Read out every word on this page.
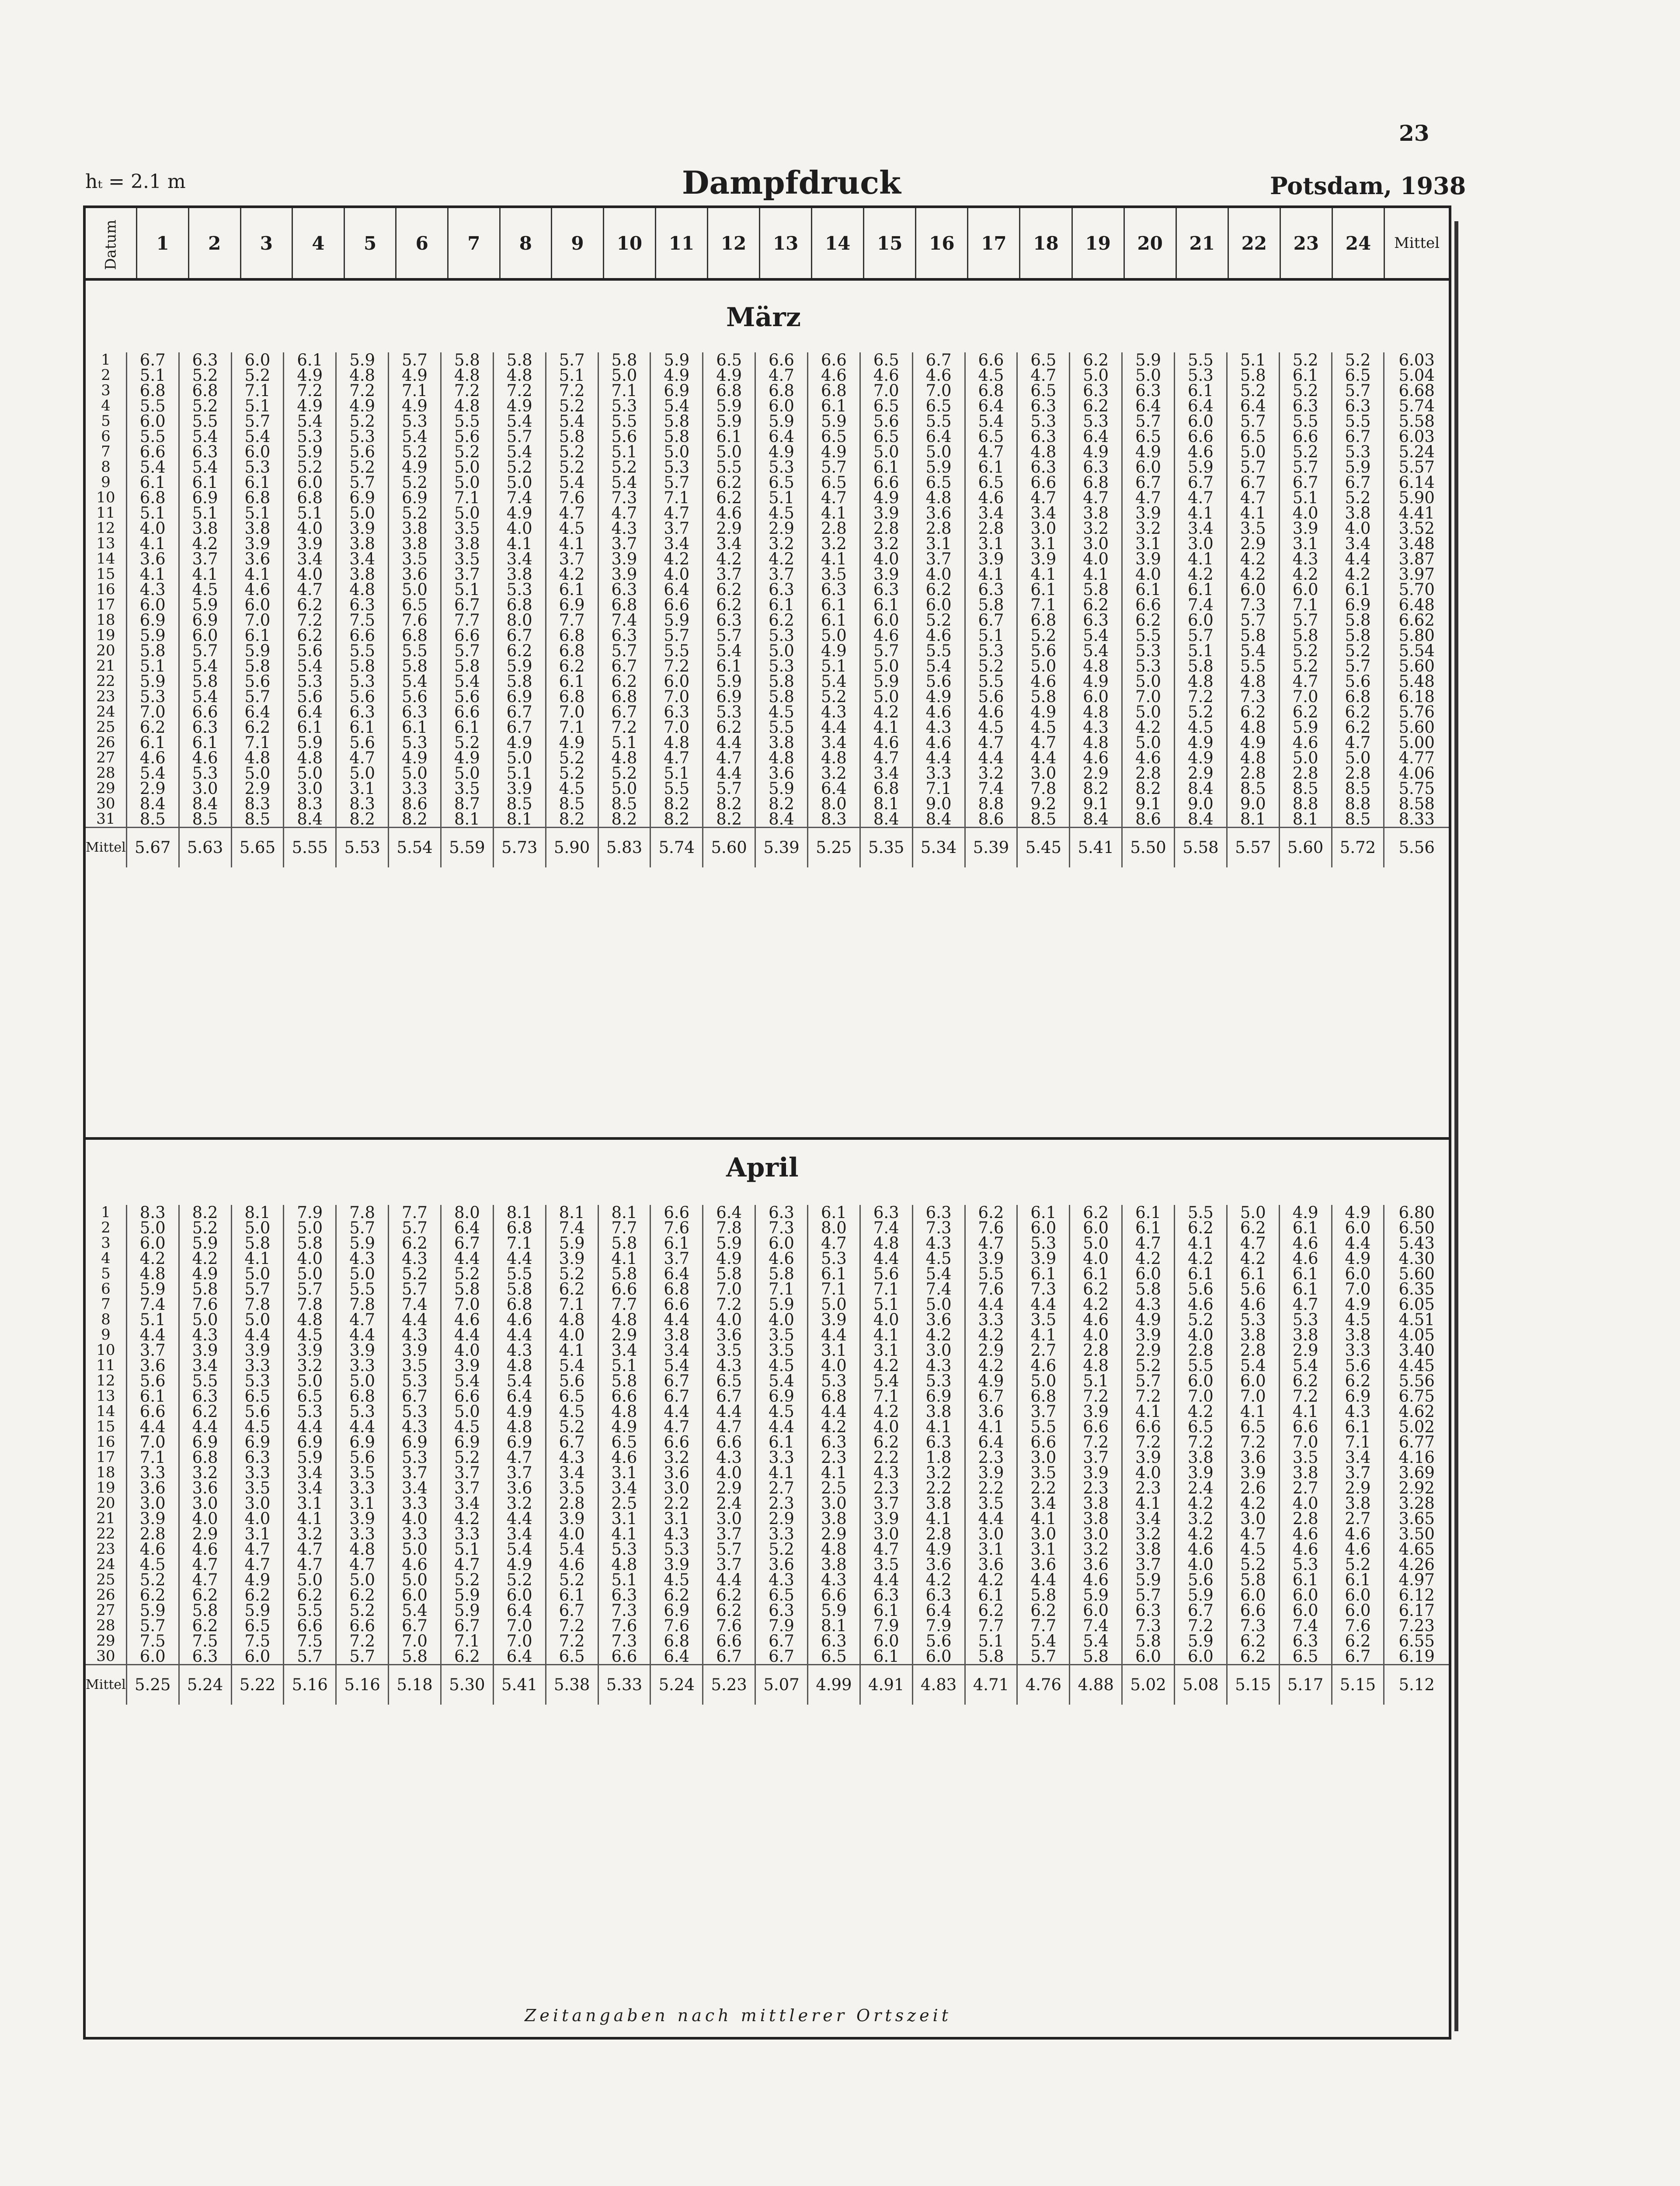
23
hₜ = 2.1 m	Dampfdruck	Potsdam, 1938
Datum	1	2	3	4	5	6	7	8	9	10	11	12	13	14	15	16	17	18	19	20	21	22	23	24	Mittel
März
1	6.7	6.3	6.0	6.1	5.9	5.7	5.8	5.8	5.7	5.8	5.9	6.5	6.6	6.6	6.5	6.7	6.6	6.5	6.2	5.9	5.5	5.1	5.2	5.2	6.03
2	5.1	5.2	5.2	4.9	4.8	4.9	4.8	4.8	5.1	5.0	4.9	4.9	4.7	4.6	4.6	4.6	4.5	4.7	5.0	5.0	5.3	5.8	6.1	6.5	5.04
3	6.8	6.8	7.1	7.2	7.2	7.1	7.2	7.2	7.2	7.1	6.9	6.8	6.8	6.8	7.0	7.0	6.8	6.5	6.3	6.3	6.1	5.2	5.2	5.7	6.68
4	5.5	5.2	5.1	4.9	4.9	4.9	4.8	4.9	5.2	5.3	5.4	5.9	6.0	6.1	6.5	6.5	6.4	6.3	6.2	6.4	6.4	6.4	6.3	6.3	5.74
5	6.0	5.5	5.7	5.4	5.2	5.3	5.5	5.4	5.4	5.5	5.8	5.9	5.9	5.9	5.6	5.5	5.4	5.3	5.3	5.7	6.0	5.7	5.5	5.5	5.58
6	5.5	5.4	5.4	5.3	5.3	5.4	5.6	5.7	5.8	5.6	5.8	6.1	6.4	6.5	6.5	6.4	6.5	6.3	6.4	6.5	6.6	6.5	6.6	6.7	6.03
7	6.6	6.3	6.0	5.9	5.6	5.2	5.2	5.4	5.2	5.1	5.0	5.0	4.9	4.9	5.0	5.0	4.7	4.8	4.9	4.9	4.6	5.0	5.2	5.3	5.24
8	5.4	5.4	5.3	5.2	5.2	4.9	5.0	5.2	5.2	5.2	5.3	5.5	5.3	5.7	6.1	5.9	6.1	6.3	6.3	6.0	5.9	5.7	5.7	5.9	5.57
9	6.1	6.1	6.1	6.0	5.7	5.2	5.0	5.0	5.4	5.4	5.7	6.2	6.5	6.5	6.6	6.5	6.5	6.6	6.8	6.7	6.7	6.7	6.7	6.7	6.14
10	6.8	6.9	6.8	6.8	6.9	6.9	7.1	7.4	7.6	7.3	7.1	6.2	5.1	4.7	4.9	4.8	4.6	4.7	4.7	4.7	4.7	4.7	5.1	5.2	5.90
11	5.1	5.1	5.1	5.1	5.0	5.2	5.0	4.9	4.7	4.7	4.7	4.6	4.5	4.1	3.9	3.6	3.4	3.4	3.8	3.9	4.1	4.1	4.0	3.8	4.41
12	4.0	3.8	3.8	4.0	3.9	3.8	3.5	4.0	4.5	4.3	3.7	2.9	2.9	2.8	2.8	2.8	2.8	3.0	3.2	3.2	3.4	3.5	3.9	4.0	3.52
13	4.1	4.2	3.9	3.9	3.8	3.8	3.8	4.1	4.1	3.7	3.4	3.4	3.2	3.2	3.2	3.1	3.1	3.1	3.0	3.1	3.0	2.9	3.1	3.4	3.48
14	3.6	3.7	3.6	3.4	3.4	3.5	3.5	3.4	3.7	3.9	4.2	4.2	4.2	4.1	4.0	3.7	3.9	3.9	4.0	3.9	4.1	4.2	4.3	4.4	3.87
15	4.1	4.1	4.1	4.0	3.8	3.6	3.7	3.8	4.2	3.9	4.0	3.7	3.7	3.5	3.9	4.0	4.1	4.1	4.1	4.0	4.2	4.2	4.2	4.2	3.97
16	4.3	4.5	4.6	4.7	4.8	5.0	5.1	5.3	6.1	6.3	6.4	6.2	6.3	6.3	6.3	6.2	6.3	6.1	5.8	6.1	6.1	6.0	6.0	6.1	5.70
17	6.0	5.9	6.0	6.2	6.3	6.5	6.7	6.8	6.9	6.8	6.6	6.2	6.1	6.1	6.1	6.0	5.8	7.1	6.2	6.6	7.4	7.3	7.1	6.9	6.48
18	6.9	6.9	7.0	7.2	7.5	7.6	7.7	8.0	7.7	7.4	5.9	6.3	6.2	6.1	6.0	5.2	6.7	6.8	6.3	6.2	6.0	5.7	5.7	5.8	6.62
19	5.9	6.0	6.1	6.2	6.6	6.8	6.6	6.7	6.8	6.3	5.7	5.7	5.3	5.0	4.6	4.6	5.1	5.2	5.4	5.5	5.7	5.8	5.8	5.8	5.80
20	5.8	5.7	5.9	5.6	5.5	5.5	5.7	6.2	6.8	5.7	5.5	5.4	5.0	4.9	5.7	5.5	5.3	5.6	5.4	5.3	5.1	5.4	5.2	5.2	5.54
21	5.1	5.4	5.8	5.4	5.8	5.8	5.8	5.9	6.2	6.7	7.2	6.1	5.3	5.1	5.0	5.4	5.2	5.0	4.8	5.3	5.8	5.5	5.2	5.7	5.60
22	5.9	5.8	5.6	5.3	5.3	5.4	5.4	5.8	6.1	6.2	6.0	5.9	5.8	5.4	5.9	5.6	5.5	4.6	4.9	5.0	4.8	4.8	4.7	5.6	5.48
23	5.3	5.4	5.7	5.6	5.6	5.6	5.6	6.9	6.8	6.8	7.0	6.9	5.8	5.2	5.0	4.9	5.6	5.8	6.0	7.0	7.2	7.3	7.0	6.8	6.18
24	7.0	6.6	6.4	6.4	6.3	6.3	6.6	6.7	7.0	6.7	6.3	5.3	4.5	4.3	4.2	4.6	4.6	4.9	4.8	5.0	5.2	6.2	6.2	6.2	5.76
25	6.2	6.3	6.2	6.1	6.1	6.1	6.1	6.7	7.1	7.2	7.0	6.2	5.5	4.4	4.1	4.3	4.5	4.5	4.3	4.2	4.5	4.8	5.9	6.2	5.60
26	6.1	6.1	7.1	5.9	5.6	5.3	5.2	4.9	4.9	5.1	4.8	4.4	3.8	3.4	4.6	4.6	4.7	4.7	4.8	5.0	4.9	4.9	4.6	4.7	5.00
27	4.6	4.6	4.8	4.8	4.7	4.9	4.9	5.0	5.2	4.8	4.7	4.7	4.8	4.8	4.7	4.4	4.4	4.4	4.6	4.6	4.9	4.8	5.0	5.0	4.77
28	5.4	5.3	5.0	5.0	5.0	5.0	5.0	5.1	5.2	5.2	5.1	4.4	3.6	3.2	3.4	3.3	3.2	3.0	2.9	2.8	2.9	2.8	2.8	2.8	4.06
29	2.9	3.0	2.9	3.0	3.1	3.3	3.5	3.9	4.5	5.0	5.5	5.7	5.9	6.4	6.8	7.1	7.4	7.8	8.2	8.2	8.4	8.5	8.5	8.5	5.75
30	8.4	8.4	8.3	8.3	8.3	8.6	8.7	8.5	8.5	8.5	8.2	8.2	8.2	8.0	8.1	9.0	8.8	9.2	9.1	9.1	9.0	9.0	8.8	8.8	8.58
31	8.5	8.5	8.5	8.4	8.2	8.2	8.1	8.1	8.2	8.2	8.2	8.2	8.4	8.3	8.4	8.4	8.6	8.5	8.4	8.6	8.4	8.1	8.1	8.5	8.33
Mittel	5.67	5.63	5.65	5.55	5.53	5.54	5.59	5.73	5.90	5.83	5.74	5.60	5.39	5.25	5.35	5.34	5.39	5.45	5.41	5.50	5.58	5.57	5.60	5.72	5.56
April
1	8.3	8.2	8.1	7.9	7.8	7.7	8.0	8.1	8.1	8.1	6.6	6.4	6.3	6.1	6.3	6.3	6.2	6.1	6.2	6.1	5.5	5.0	4.9	4.9	6.80
2	5.0	5.2	5.0	5.0	5.7	5.7	6.4	6.8	7.4	7.7	7.6	7.8	7.3	8.0	7.4	7.3	7.6	6.0	6.0	6.1	6.2	6.2	6.1	6.0	6.50
3	6.0	5.9	5.8	5.8	5.9	6.2	6.7	7.1	5.9	5.8	6.1	5.9	6.0	4.7	4.8	4.3	4.7	5.3	5.0	4.7	4.1	4.7	4.6	4.4	5.43
4	4.2	4.2	4.1	4.0	4.3	4.3	4.4	4.4	3.9	4.1	3.7	4.9	4.6	5.3	4.4	4.5	3.9	3.9	4.0	4.2	4.2	4.2	4.6	4.9	4.30
5	4.8	4.9	5.0	5.0	5.0	5.2	5.2	5.5	5.2	5.8	6.4	5.8	5.8	6.1	5.6	5.4	5.5	6.1	6.1	6.0	6.1	6.1	6.1	6.0	5.60
6	5.9	5.8	5.7	5.7	5.5	5.7	5.8	5.8	6.2	6.6	6.8	7.0	7.1	7.1	7.1	7.4	7.6	7.3	6.2	5.8	5.6	5.6	6.1	7.0	6.35
7	7.4	7.6	7.8	7.8	7.8	7.4	7.0	6.8	7.1	7.7	6.6	7.2	5.9	5.0	5.1	5.0	4.4	4.4	4.2	4.3	4.6	4.6	4.7	4.9	6.05
8	5.1	5.0	5.0	4.8	4.7	4.4	4.6	4.6	4.8	4.8	4.4	4.0	4.0	3.9	4.0	3.6	3.3	3.5	4.6	4.9	5.2	5.3	5.3	4.5	4.51
9	4.4	4.3	4.4	4.5	4.4	4.3	4.4	4.4	4.0	2.9	3.8	3.6	3.5	4.4	4.1	4.2	4.2	4.1	4.0	3.9	4.0	3.8	3.8	3.8	4.05
10	3.7	3.9	3.9	3.9	3.9	3.9	4.0	4.3	4.1	3.4	3.4	3.5	3.5	3.1	3.1	3.0	2.9	2.7	2.8	2.9	2.8	2.8	2.9	3.3	3.40
11	3.6	3.4	3.3	3.2	3.3	3.5	3.9	4.8	5.4	5.1	5.4	4.3	4.5	4.0	4.2	4.3	4.2	4.6	4.8	5.2	5.5	5.4	5.4	5.6	4.45
12	5.6	5.5	5.3	5.0	5.0	5.3	5.4	5.4	5.6	5.8	6.7	6.5	5.4	5.3	5.4	5.3	4.9	5.0	5.1	5.7	6.0	6.0	6.2	6.2	5.56
13	6.1	6.3	6.5	6.5	6.8	6.7	6.6	6.4	6.5	6.6	6.7	6.7	6.9	6.8	7.1	6.9	6.7	6.8	7.2	7.2	7.0	7.0	7.2	6.9	6.75
14	6.6	6.2	5.6	5.3	5.3	5.3	5.0	4.9	4.5	4.8	4.4	4.4	4.5	4.4	4.2	3.8	3.6	3.7	3.9	4.1	4.2	4.1	4.1	4.3	4.62
15	4.4	4.4	4.5	4.4	4.4	4.3	4.5	4.8	5.2	4.9	4.7	4.7	4.4	4.2	4.0	4.1	4.1	5.5	6.6	6.6	6.5	6.5	6.6	6.1	5.02
16	7.0	6.9	6.9	6.9	6.9	6.9	6.9	6.9	6.7	6.5	6.6	6.6	6.1	6.3	6.2	6.3	6.4	6.6	7.2	7.2	7.2	7.2	7.0	7.1	6.77
17	7.1	6.8	6.3	5.9	5.6	5.3	5.2	4.7	4.3	4.6	3.2	4.3	3.3	2.3	2.2	1.8	2.3	3.0	3.7	3.9	3.8	3.6	3.5	3.4	4.16
18	3.3	3.2	3.3	3.4	3.5	3.7	3.7	3.7	3.4	3.1	3.6	4.0	4.1	4.1	4.3	3.2	3.9	3.5	3.9	4.0	3.9	3.9	3.8	3.7	3.69
19	3.6	3.6	3.5	3.4	3.3	3.4	3.7	3.6	3.5	3.4	3.0	2.9	2.7	2.5	2.3	2.2	2.2	2.2	2.3	2.3	2.4	2.6	2.7	2.9	2.92
20	3.0	3.0	3.0	3.1	3.1	3.3	3.4	3.2	2.8	2.5	2.2	2.4	2.3	3.0	3.7	3.8	3.5	3.4	3.8	4.1	4.2	4.2	4.0	3.8	3.28
21	3.9	4.0	4.0	4.1	3.9	4.0	4.2	4.4	3.9	3.1	3.1	3.0	2.9	3.8	3.9	4.1	4.4	4.1	3.8	3.4	3.2	3.0	2.8	2.7	3.65
22	2.8	2.9	3.1	3.2	3.3	3.3	3.3	3.4	4.0	4.1	4.3	3.7	3.3	2.9	3.0	2.8	3.0	3.0	3.0	3.2	4.2	4.7	4.6	4.6	3.50
23	4.6	4.6	4.7	4.7	4.8	5.0	5.1	5.4	5.4	5.3	5.3	5.7	5.2	4.8	4.7	4.9	3.1	3.1	3.2	3.8	4.6	4.5	4.6	4.6	4.65
24	4.5	4.7	4.7	4.7	4.7	4.6	4.7	4.9	4.6	4.8	3.9	3.7	3.6	3.8	3.5	3.6	3.6	3.6	3.6	3.7	4.0	5.2	5.3	5.2	4.26
25	5.2	4.7	4.9	5.0	5.0	5.0	5.2	5.2	5.2	5.1	4.5	4.4	4.3	4.3	4.4	4.2	4.2	4.4	4.6	5.9	5.6	5.8	6.1	6.1	4.97
26	6.2	6.2	6.2	6.2	6.2	6.0	5.9	6.0	6.1	6.3	6.2	6.2	6.5	6.6	6.3	6.3	6.1	5.8	5.9	5.7	5.9	6.0	6.0	6.0	6.12
27	5.9	5.8	5.9	5.5	5.2	5.4	5.9	6.4	6.7	7.3	6.9	6.2	6.3	5.9	6.1	6.4	6.2	6.2	6.0	6.3	6.7	6.6	6.0	6.0	6.17
28	5.7	6.2	6.5	6.6	6.6	6.7	6.7	7.0	7.2	7.6	7.6	7.6	7.9	8.1	7.9	7.9	7.7	7.7	7.4	7.3	7.2	7.3	7.4	7.6	7.23
29	7.5	7.5	7.5	7.5	7.2	7.0	7.1	7.0	7.2	7.3	6.8	6.6	6.7	6.3	6.0	5.6	5.1	5.4	5.4	5.8	5.9	6.2	6.3	6.2	6.55
30	6.0	6.3	6.0	5.7	5.7	5.8	6.2	6.4	6.5	6.6	6.4	6.7	6.7	6.5	6.1	6.0	5.8	5.7	5.8	6.0	6.0	6.2	6.5	6.7	6.19
Mittel	5.25	5.24	5.22	5.16	5.16	5.18	5.30	5.41	5.38	5.33	5.24	5.23	5.07	4.99	4.91	4.83	4.71	4.76	4.88	5.02	5.08	5.15	5.17	5.15	5.12
Zeitangaben nach mittlerer Ortszeit
